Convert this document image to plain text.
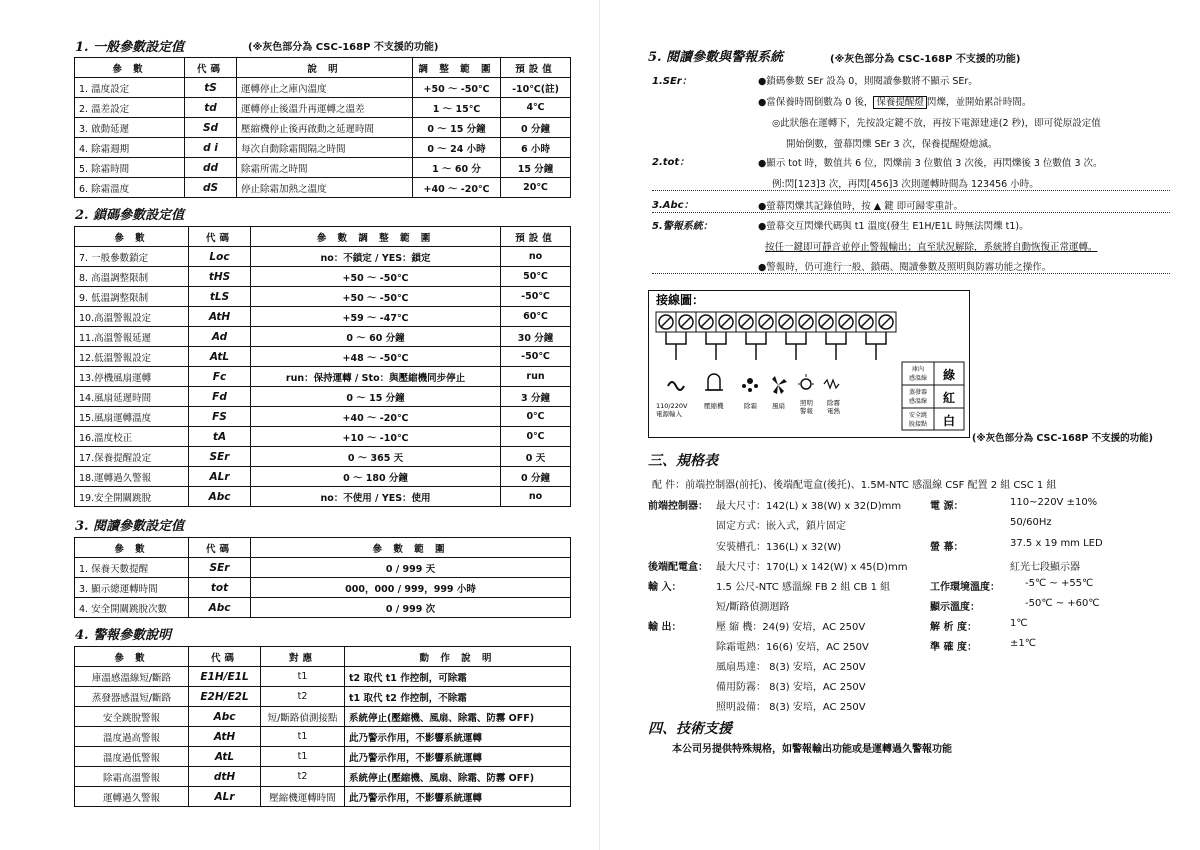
1. 一般參數設定值	(※灰色部分為 CSC-168P 不支援的功能)
參 數	代碼	說 明	調 整 範 圍	預設值
1. 溫度設定	tS	運轉停止之庫內溫度	+50 ～ -50℃	-10℃(註)
2. 溫差設定	td	運轉停止後溫升再運轉之溫差	1 ～ 15℃	4℃
3. 啟動延遲	Sd	壓縮機停止後再啟動之延遲時間	0 ～ 15 分鐘	0 分鐘
4. 除霜週期	d i	每次自動除霜間隔之時間	0 ～ 24 小時	6 小時
5. 除霜時間	dd	除霜所需之時間	1 ～ 60 分	15 分鐘
6. 除霜溫度	dS	停止除霜加熱之溫度	+40 ～ -20℃	20℃
2. 鎖碼參數設定值
參 數	代碼	參 數 調 整 範 圍	預設值
7. 一般參數鎖定	Loc	no：不鎖定 / YES：鎖定	no
8. 高溫調整限制	tHS	+50 ～ -50℃	50℃
9. 低溫調整限制	tLS	+50 ～ -50℃	-50℃
10.高溫警報設定	AtH	+59 ～ -47℃	60℃
11.高溫警報延遲	Ad	0 ～ 60 分鐘	30 分鐘
12.低溫警報設定	AtL	+48 ～ -50℃	-50℃
13.停機風扇運轉	Fc	run：保持運轉 / Sto：與壓縮機同步停止	run
14.風扇延遲時間	Fd	0 ～ 15 分鐘	3 分鐘
15.風扇運轉溫度	FS	+40 ～ -20℃	0℃
16.溫度校正	tA	+10 ～ -10℃	0℃
17.保養提醒設定	SEr	0 ～ 365 天	0 天
18.運轉過久警報	ALr	0 ～ 180 分鐘	0 分鐘
19.安全開關跳脫	Abc	no：不使用 / YES：使用	no
3. 閱讀參數設定值
參 數	代碼	參 數 範 圍
1. 保養天數提醒	SEr	0 / 999 天
3. 顯示總運轉時間	tot	000，000 / 999，999 小時
4. 安全開關跳脫次數	Abc	0 / 999 次
4. 警報參數說明
參 數	代碼	對應	動 作 說 明
庫溫感溫線短/斷路	E1H/E1L	t1	t2 取代 t1 作控制，可除霜
蒸發器感溫短/斷路	E2H/E2L	t2	t1 取代 t2 作控制，不除霜
安全跳脫警報	Abc	短/斷路偵測接點	系統停止(壓縮機、風扇、除霜、防霧 OFF)
溫度過高警報	AtH	t1	此乃警示作用，不影響系統運轉
溫度過低警報	AtL	t1	此乃警示作用，不影響系統運轉
除霜高溫警報	dtH	t2	系統停止(壓縮機、風扇、除霜、防霧 OFF)
運轉過久警報	ALr	壓縮機運轉時間	此乃警示作用，不影響系統運轉
5. 閱讀參數與警報系統	(※灰色部分為 CSC-168P 不支援的功能)
1.SEr：	●鎖碼參數 SEr 設為 0，則閱讀參數將不顯示 SEr。
●當保養時間倒數為 0 後， 保養提醒燈 閃爍，並開始累計時間。
◎此狀態在運轉下，先按設定鍵不放，再按下電源建達(2 秒)，即可從原設定值
開始倒數，螢幕閃爍 SEr 3 次，保養提醒燈熄滅。
2.tot：	●顯示 tot 時，數值共 6 位，閃爍前 3 位數值 3 次後，再閃爍後 3 位數值 3 次。
例:閃[123]3 次，再閃[456]3 次則運轉時間為 123456 小時。
3.Abc：	●螢幕閃爍其記錄值時，按 ▲ 鍵 即可歸零重計。
5.警報系統：	●螢幕交互閃爍代碼與 t1 溫度(發生 E1H/E1L 時無法閃爍 t1)。
按任一鍵即可靜音並停止警報輸出；直至狀況解除，系統將自動恢復正常運轉。
●警報時，仍可進行一般、鎖碼、閱讀參數及照明與防霧功能之操作。
庫內
感溫線
蒸發器
感溫線
安全跳
脫接點
綠
紅
白
接線圖：
110/220V
電源輸入
壓縮機	除霜 風扇 照明
警報
除霧
電熱
(※灰色部分為 CSC-168P 不支援的功能)
三、規格表
配 件：前端控制器(前托)、後端配電盒(後托)、1.5M-NTC 感溫線 CSF 配置 2 組 CSC 1 組
前端控制器： 最大尺寸：142(L) x 38(W) x 32(D)mm
固定方式：嵌入式，鎖片固定
安裝槽孔：136(L) x 32(W)
電 源：	110~220V ±10%
50/60Hz
螢 幕：	37.5 x 19 mm LED
紅光七段顯示器
後端配電盒： 最大尺寸：170(L) x 142(W) x 45(D)mm
輸 入：	1.5 公尺-NTC 感溫線 FB 2 組 CB 1 組
短/斷路偵測迴路
工作環境溫度：	-5℃ ~ +55℃
顯示溫度：	-50℃ ~ +60℃
輸 出：	壓 縮 機：24(9) 安培，AC 250V
除霜電熱：16(6) 安培，AC 250V
風扇馬達： 8(3) 安培，AC 250V
備用防霧： 8(3) 安培，AC 250V
照明設備： 8(3) 安培，AC 250V
解 析 度：	1℃
準 確 度：	±1℃
四、技術支援
本公司另提供特殊規格，如警報輸出功能或是運轉過久警報功能
